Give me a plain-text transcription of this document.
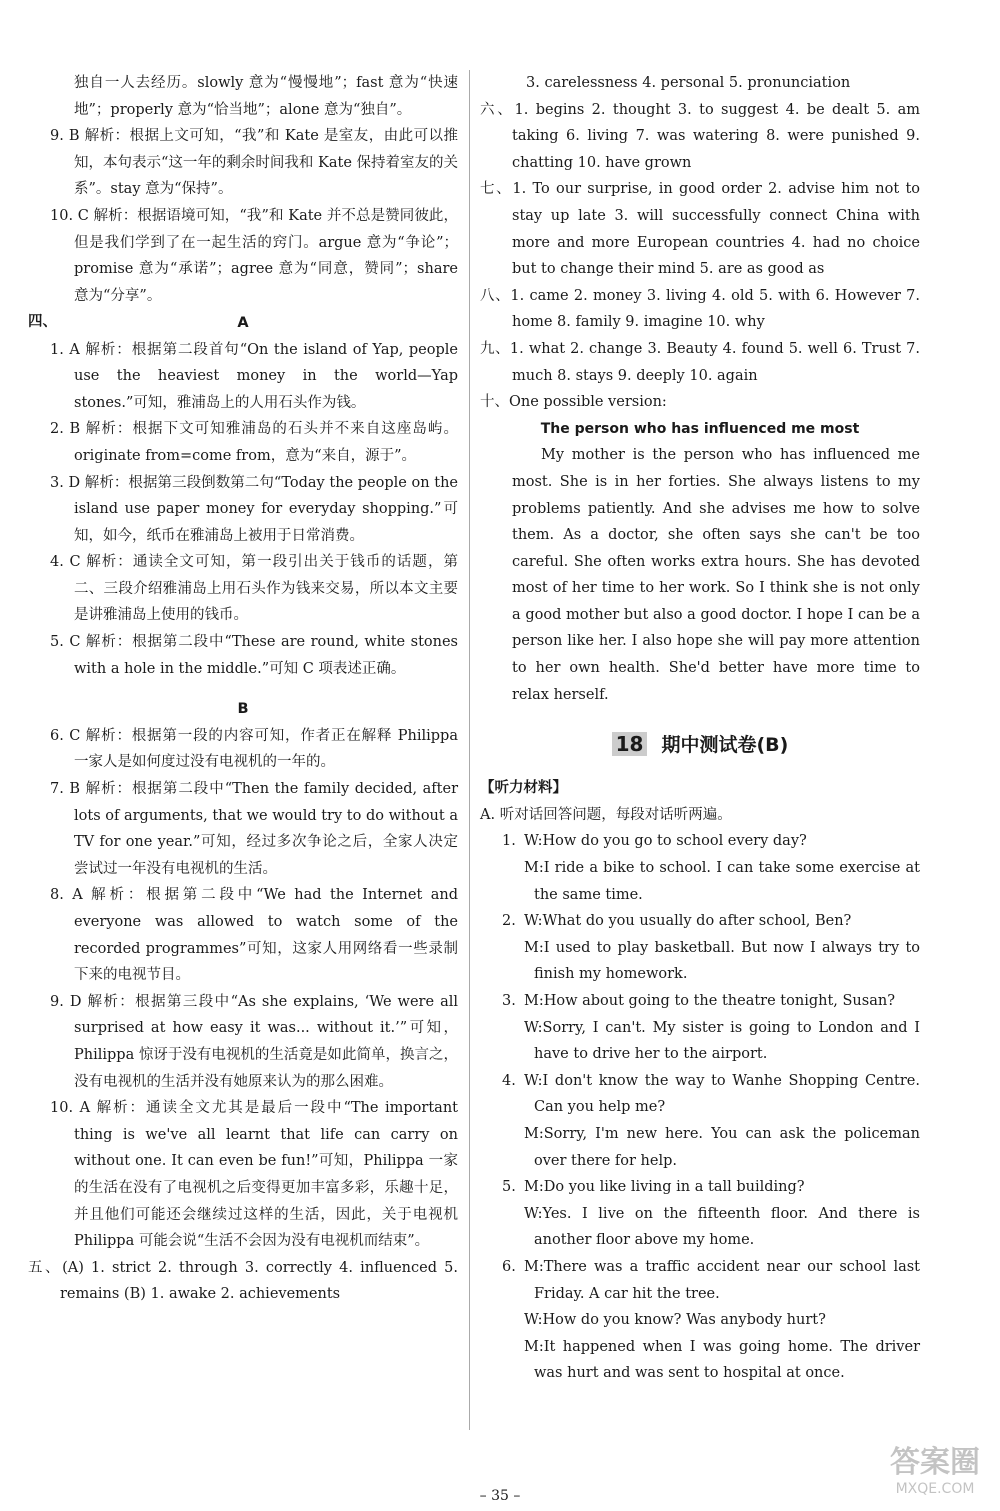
独自一人去经历。slowly 意为“慢慢地”；fast 意为“快速地”；properly 意为“恰当地”；alone 意为“独自”。

9. B 解析：根据上文可知，“我”和 Kate 是室友，由此可以推知，本句表示“这一年的剩余时间我和 Kate 保持着室友的关系”。stay 意为“保持”。

10. C 解析：根据语境可知，“我”和 Kate 并不总是赞同彼此，但是我们学到了在一起生活的窍门。argue 意为“争论”；promise 意为“承诺”；agree 意为“同意，赞同”；share 意为“分享”。

四、	A

1. A 解析：根据第二段首句“On the island of Yap, people use the heaviest money in the world—Yap stones.”可知，雅浦岛上的人用石头作为钱。

2. B 解析：根据下文可知雅浦岛的石头并不来自这座岛屿。originate from=come from，意为“来自，源于”。

3. D 解析：根据第三段倒数第二句“Today the people on the island use paper money for everyday shopping.”可知，如今，纸币在雅浦岛上被用于日常消费。

4. C 解析：通读全文可知，第一段引出关于钱币的话题，第二、三段介绍雅浦岛上用石头作为钱来交易，所以本文主要是讲雅浦岛上使用的钱币。

5. C 解析：根据第二段中“These are round, white stones with a hole in the middle.”可知 C 项表述正确。

B

6. C 解析：根据第一段的内容可知，作者正在解释 Philippa 一家人是如何度过没有电视机的一年的。

7. B 解析：根据第二段中“Then the family decided, after lots of arguments, that we would try to do without a TV for one year.”可知，经过多次争论之后，全家人决定尝试过一年没有电视机的生活。

8. A 解析：根据第二段中“We had the Internet and everyone was allowed to watch some of the recorded programmes”可知，这家人用网络看一些录制下来的电视节目。

9. D 解析：根据第三段中“As she explains, ‘We were all surprised at how easy it was... without it.’”可知，Philippa 惊讶于没有电视机的生活竟是如此简单，换言之，没有电视机的生活并没有她原来认为的那么困难。

10. A 解析：通读全文尤其是最后一段中“The important thing is we've all learnt that life can carry on without one. It can even be fun!”可知，Philippa 一家的生活在没有了电视机之后变得更加丰富多彩，乐趣十足，并且他们可能还会继续过这样的生活，因此，关于电视机 Philippa 可能会说“生活不会因为没有电视机而结束”。

五、(A) 1. strict 2. through 3. correctly 4. influenced 5. remains (B) 1. awake 2. achievements

3. carelessness 4. personal 5. pronunciation

六、1. begins 2. thought 3. to suggest 4. be dealt 5. am taking 6. living 7. was watering 8. were punished 9. chatting 10. have grown

七、1. To our surprise, in good order 2. advise him not to stay up late 3. will successfully connect China with more and more European countries 4. had no choice but to change their mind 5. are as good as

八、1. came 2. money 3. living 4. old 5. with 6. However 7. home 8. family 9. imagine 10. why

九、1. what 2. change 3. Beauty 4. found 5. well 6. Trust 7. much 8. stays 9. deeply 10. again

十、One possible version:

The person who has influenced me most

My mother is the person who has influenced me most. She is in her forties. She always listens to my problems patiently. And she advises me how to solve them. As a doctor, she often says she can't be too careful. She often works extra hours. She has devoted most of her time to her work. So I think she is not only a good mother but also a good doctor. I hope I can be a person like her. I also hope she will pay more attention to her own health. She'd better have more time to relax herself.

18 期中测试卷(B)

【听力材料】

A. 听对话回答问题，每段对话听两遍。

1. W:How do you go to school every day?

M:I ride a bike to school. I can take some exercise at the same time.

2. W:What do you usually do after school, Ben?

M:I used to play basketball. But now I always try to finish my homework.

3. M:How about going to the theatre tonight, Susan?

W:Sorry, I can't. My sister is going to London and I have to drive her to the airport.

4. W:I don't know the way to Wanhe Shopping Centre. Can you help me?

M:Sorry, I'm new here. You can ask the policeman over there for help.

5. M:Do you like living in a tall building?

W:Yes. I live on the fifteenth floor. And there is another floor above my home.

6. M:There was a traffic accident near our school last Friday. A car hit the tree.

W:How do you know? Was anybody hurt?

M:It happened when I was going home. The driver was hurt and was sent to hospital at once.

– 35 –
答案圈
MXQE.COM
